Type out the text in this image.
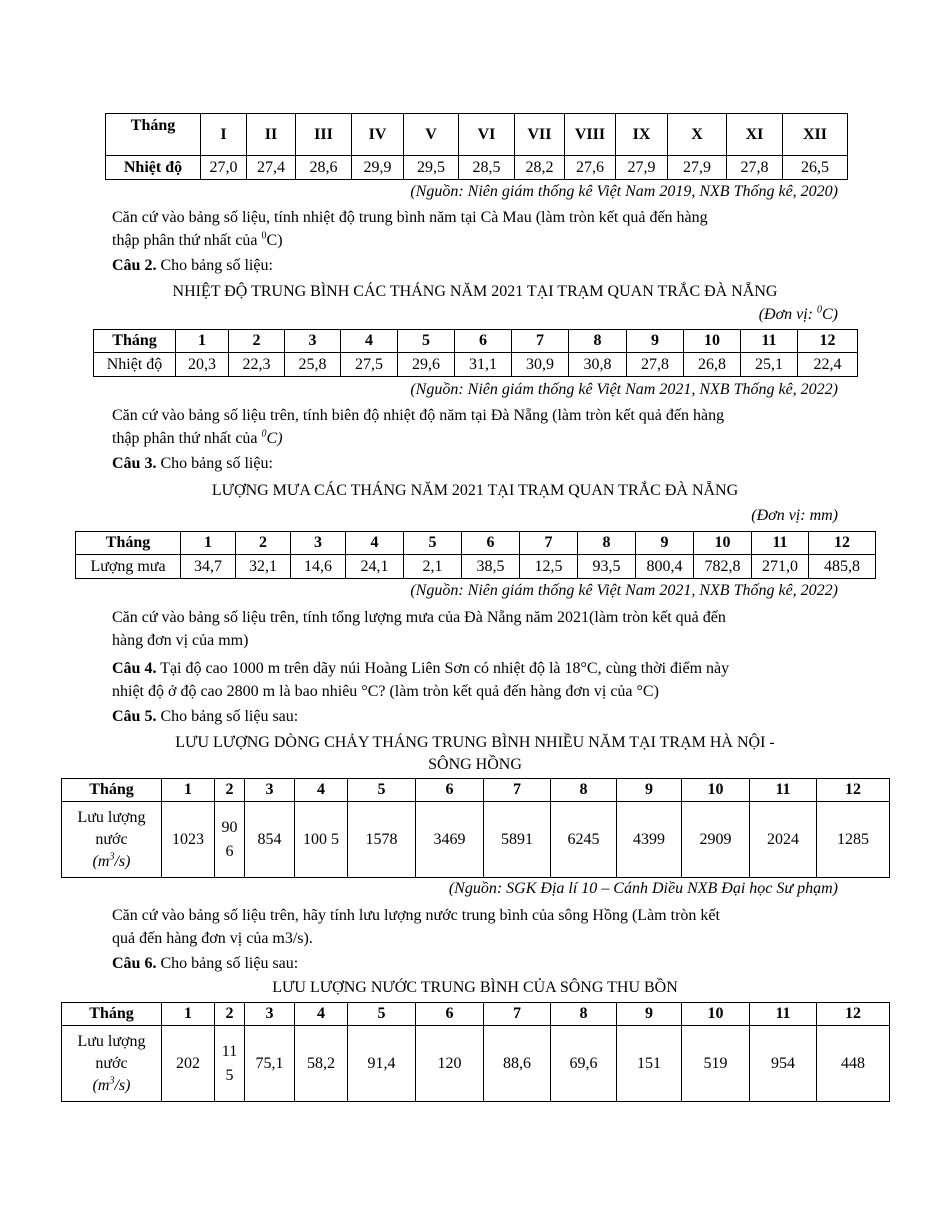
Tháng	I	II	III	IV	V	VI	VII	VIII	IX	X	XI	XII
Nhiệt độ	27,0	27,4	28,6	29,9	29,5	28,5	28,2	27,6	27,9	27,9	27,8	26,5
(Nguồn: Niên giám thống kê Việt Nam 2019, NXB Thống kê, 2020)
Căn cứ vào bảng số liệu, tính nhiệt độ trung bình năm tại Cà Mau (làm tròn kết quả đến hàng
thập phân thứ nhất của $^0$C)
Câu 2. Cho bảng số liệu:
NHIỆT ĐỘ TRUNG BÌNH CÁC THÁNG NĂM 2021 TẠI TRẠM QUAN TRẮC ĐÀ NẴNG
(Đơn vị: $^0$C)
Tháng	1	2	3	4	5	6	7	8	9	10	11	12
Nhiệt độ	20,3	22,3	25,8	27,5	29,6	31,1	30,9	30,8	27,8	26,8	25,1	22,4
(Nguồn: Niên giám thống kê Việt Nam 2021, NXB Thống kê, 2022)
Căn cứ vào bảng số liệu trên, tính biên độ nhiệt độ năm tại Đà Nẵng (làm tròn kết quả đến hàng
thập phân thứ nhất của $^0$C)
Câu 3. Cho bảng số liệu:
LƯỢNG MƯA CÁC THÁNG NĂM 2021 TẠI TRẠM QUAN TRẮC ĐÀ NẴNG
(Đơn vị: mm)
Tháng	1	2	3	4	5	6	7	8	9	10	11	12
Lượng mưa	34,7	32,1	14,6	24,1	2,1	38,5	12,5	93,5	800,4	782,8	271,0	485,8
(Nguồn: Niên giám thống kê Việt Nam 2021, NXB Thống kê, 2022)
Căn cứ vào bảng số liệu trên, tính tổng lượng mưa của Đà Nẵng năm 2021(làm tròn kết quả đến
hàng đơn vị của mm)
Câu 4. Tại độ cao 1000 m trên dãy núi Hoàng Liên Sơn có nhiệt độ là 18°C, cùng thời điểm này
nhiệt độ ở độ cao 2800 m là bao nhiêu °C? (làm tròn kết quả đến hàng đơn vị của °C)
Câu 5. Cho bảng số liệu sau:
LƯU LƯỢNG DÒNG CHẢY THÁNG TRUNG BÌNH NHIỀU NĂM TẠI TRẠM HÀ NỘI -
SÔNG HỒNG
Tháng	1	2	3	4	5	6	7	8	9	10	11	12

Lưu lượng
nước
$(m^3/s)$	1023	90 6	854	100 5	1578	3469	5891	6245	4399	2909	2024	1285
(Nguồn: SGK Địa lí 10 – Cánh Diều NXB Đại học Sư phạm)
Căn cứ vào bảng số liệu trên, hãy tính lưu lượng nước trung bình của sông Hồng (Làm tròn kết
quả đến hàng đơn vị của m3/s).
Câu 6. Cho bảng số liệu sau:
LƯU LƯỢNG NƯỚC TRUNG BÌNH CỦA SÔNG THU BỒN
Tháng	1	2	3	4	5	6	7	8	9	10	11	12

Lưu lượng
nước
$(m^3/s)$	202	11 5	75,1	58,2	91,4	120	88,6	69,6	151	519	954	448
